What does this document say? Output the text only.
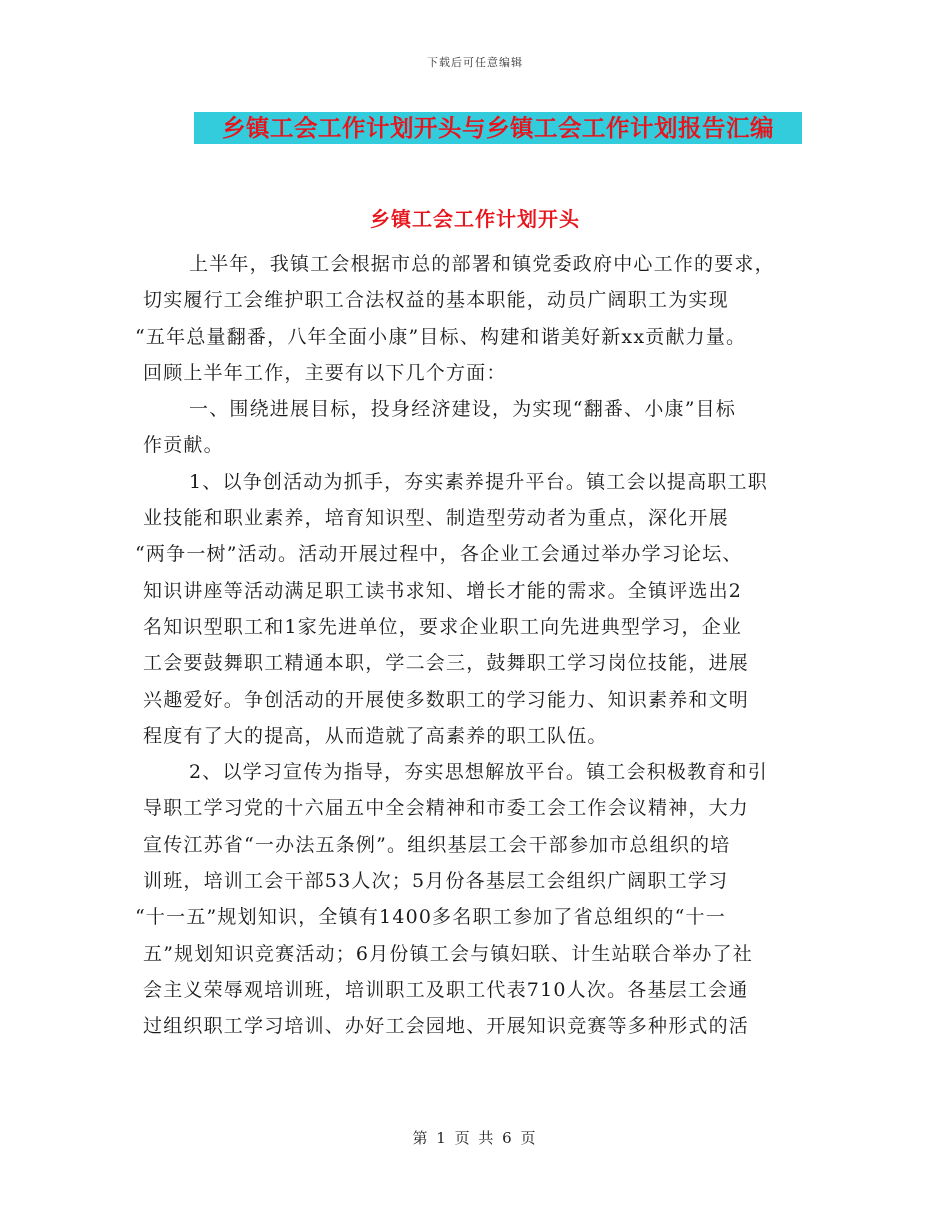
下载后可任意编辑
乡镇工会工作计划开头与乡镇工会工作计划报告汇编
乡镇工会工作计划开头
上半年，我镇工会根据市总的部署和镇党委政府中心工作的要求，
切实履行工会维护职工合法权益的基本职能，动员广阔职工为实现
“五年总量翻番，八年全面小康”目标、构建和谐美好新xx贡献力量。
回顾上半年工作，主要有以下几个方面：
一、围绕进展目标，投身经济建设，为实现“翻番、小康”目标
作贡献。
1、以争创活动为抓手，夯实素养提升平台。镇工会以提高职工职
业技能和职业素养，培育知识型、制造型劳动者为重点，深化开展
“两争一树”活动。活动开展过程中，各企业工会通过举办学习论坛、
知识讲座等活动满足职工读书求知、增长才能的需求。全镇评选出2
名知识型职工和1家先进单位，要求企业职工向先进典型学习，企业
工会要鼓舞职工精通本职，学二会三，鼓舞职工学习岗位技能，进展
兴趣爱好。争创活动的开展使多数职工的学习能力、知识素养和文明
程度有了大的提高，从而造就了高素养的职工队伍。
2、以学习宣传为指导，夯实思想解放平台。镇工会积极教育和引
导职工学习党的十六届五中全会精神和市委工会工作会议精神，大力
宣传江苏省“一办法五条例”。组织基层工会干部参加市总组织的培
训班，培训工会干部53人次；5月份各基层工会组织广阔职工学习
“十一五”规划知识，全镇有1400多名职工参加了省总组织的“十一
五”规划知识竞赛活动；6月份镇工会与镇妇联、计生站联合举办了社
会主义荣辱观培训班，培训职工及职工代表710人次。各基层工会通
过组织职工学习培训、办好工会园地、开展知识竞赛等多种形式的活
第 1 页 共 6 页
